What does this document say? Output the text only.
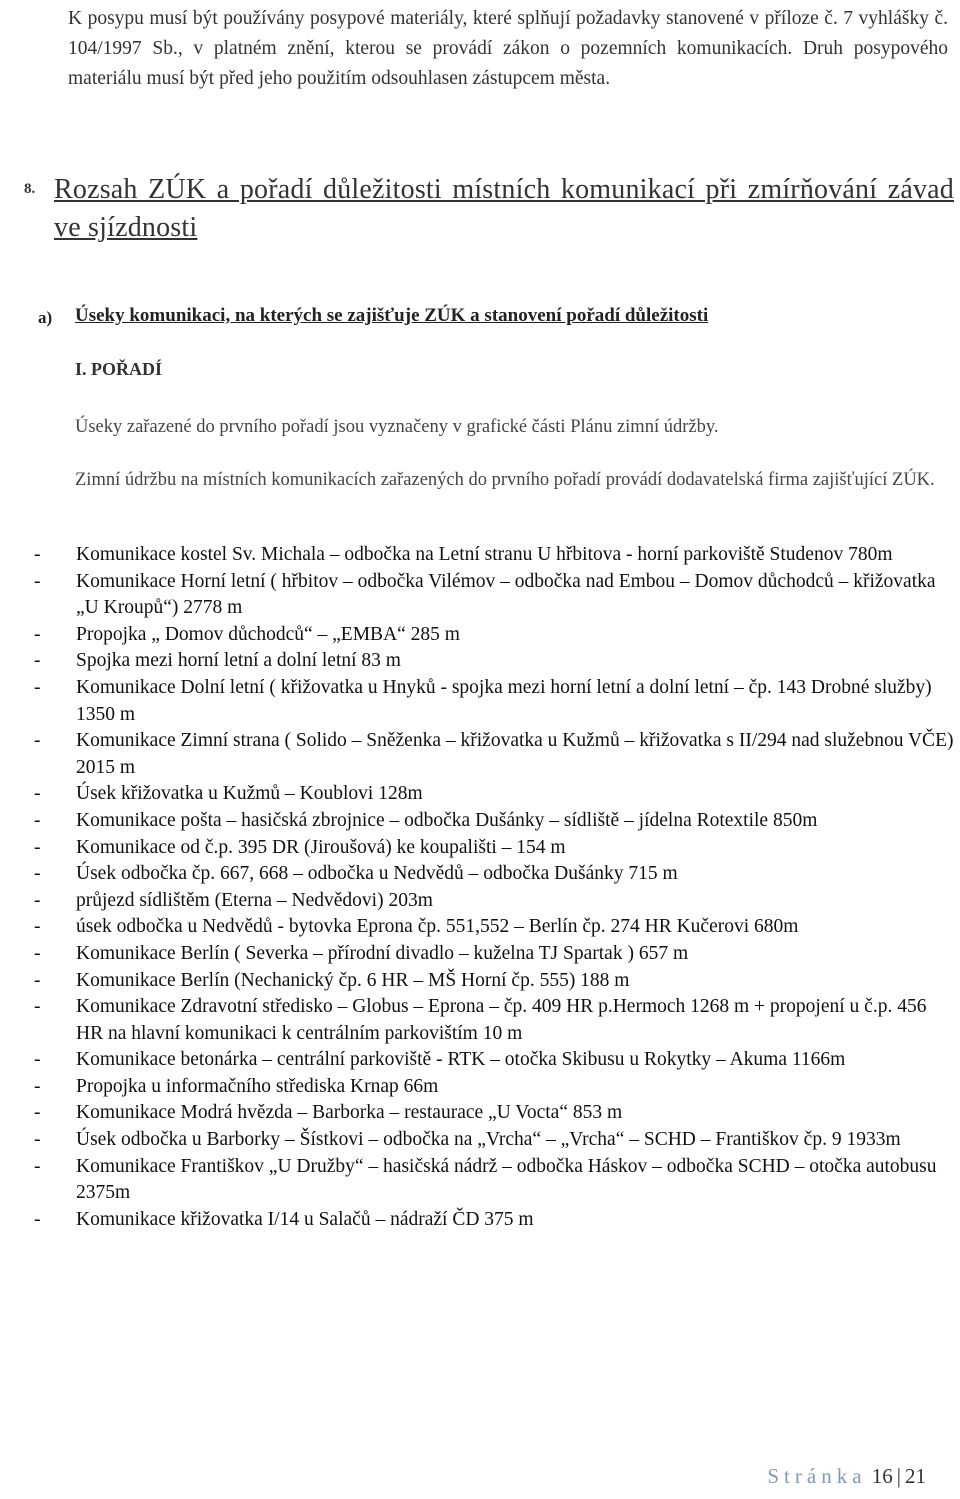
K posypu musí být používány posypové materiály, které splňují požadavky stanovené v příloze č. 7 vyhlášky č. 104/1997 Sb., v platném znění, kterou se provádí zákon o pozemních komunikacích. Druh posypového materiálu musí být před jeho použitím odsouhlasen zástupcem města.
8. Rozsah ZÚK a pořadí důležitosti místních komunikací při zmírňování závad ve sjízdnosti
a) Úseky komunikaci, na kterých se zajišťuje ZÚK a stanovení pořadí důležitosti
I. POŘADÍ
Úseky zařazené do prvního pořadí jsou vyznačeny v grafické části Plánu zimní údržby.
Zimní údržbu na místních komunikacích zařazených do prvního pořadí provádí dodavatelská firma zajišťující ZÚK.
- Komunikace kostel Sv. Michala – odbočka na Letní stranu U hřbitova - horní parkoviště Studenov 780m
- Komunikace Horní letní ( hřbitov – odbočka Vilémov – odbočka nad Embou – Domov důchodců – křižovatka „U Kroupů“) 2778 m
- Propojka „ Domov důchodců“ – „EMBA“ 285 m
- Spojka mezi horní letní a dolní letní 83 m
- Komunikace Dolní letní ( křižovatka u Hnyků - spojka mezi horní letní a dolní letní – čp. 143 Drobné služby) 1350 m
- Komunikace Zimní strana ( Solido – Sněženka – křižovatka u Kužmů – křižovatka s II/294 nad služebnou VČE) 2015 m
- Úsek křižovatka u Kužmů – Koublovi 128m
- Komunikace pošta – hasičská zbrojnice – odbočka Dušánky – sídliště – jídelna Rotextile 850m
- Komunikace od č.p. 395 DR (Jiroušová) ke koupališti – 154 m
- Úsek odbočka čp. 667, 668 – odbočka u Nedvědů – odbočka Dušánky 715 m
- průjezd sídlištěm (Eterna – Nedvědovi) 203m
- úsek odbočka u Nedvědů - bytovka Eprona čp. 551,552 – Berlín čp. 274 HR Kučerovi 680m
- Komunikace Berlín ( Severka – přírodní divadlo – kuželna TJ Spartak ) 657 m
- Komunikace Berlín (Nechanický čp. 6 HR – MŠ Horní čp. 555) 188 m
- Komunikace Zdravotní středisko – Globus – Eprona – čp. 409 HR p.Hermoch 1268 m + propojení u č.p. 456 HR na hlavní komunikaci k centrálním parkovištím 10 m
- Komunikace betonárka – centrální parkoviště - RTK – otočka Skibusu u Rokytky – Akuma 1166m
- Propojka u informačního střediska Krnap 66m
- Komunikace Modrá hvězda – Barborka – restaurace „U Vocta“ 853 m
- Úsek odbočka u Barborky – Šístkovi – odbočka na „Vrcha“ – „Vrcha“ – SCHD – Františkov čp. 9 1933m
- Komunikace Františkov „U Družby“ – hasičská nádrž – odbočka Háskov – odbočka SCHD – otočka autobusu 2375m
- Komunikace křižovatka I/14 u Salačů – nádraží ČD 375 m
Stránka 16 | 21
